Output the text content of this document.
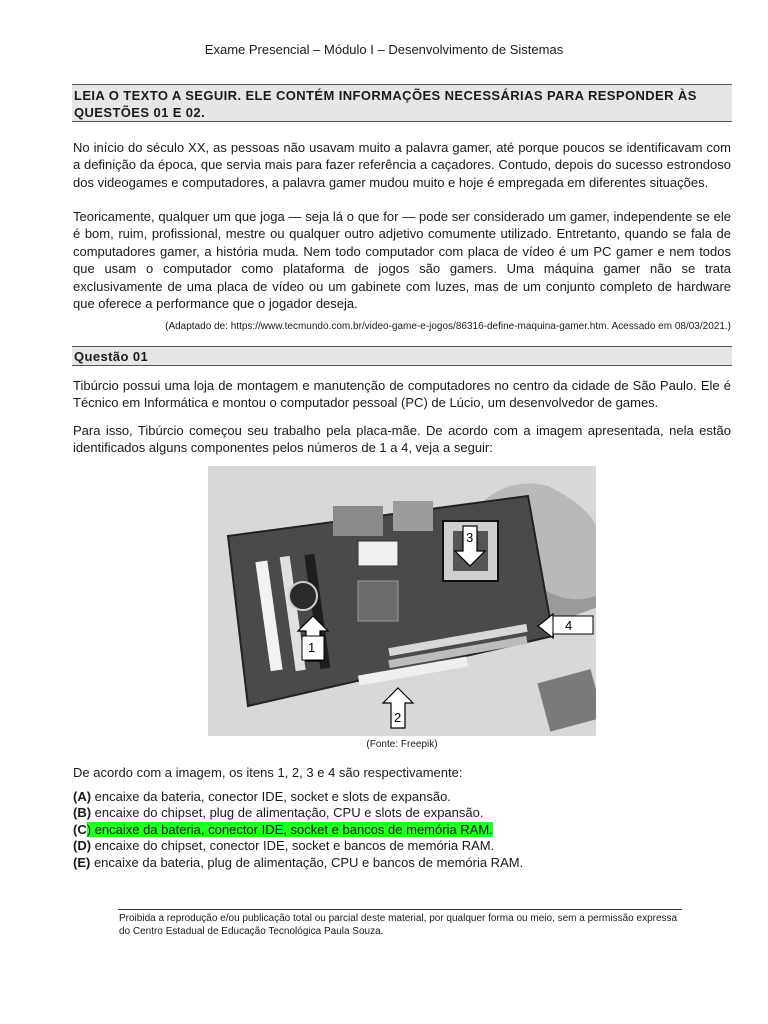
Exame Presencial – Módulo I – Desenvolvimento de Sistemas
LEIA O TEXTO A SEGUIR. ELE CONTÉM INFORMAÇÕES NECESSÁRIAS PARA RESPONDER ÀS QUESTÕES 01 E 02.

No início do século XX, as pessoas não usavam muito a palavra gamer, até porque poucos se identificavam com a definição da época, que servia mais para fazer referência a caçadores. Contudo, depois do sucesso estrondoso dos videogames e computadores, a palavra gamer mudou muito e hoje é empregada em diferentes situações.

Teoricamente, qualquer um que joga — seja lá o que for — pode ser considerado um gamer, independente se ele é bom, ruim, profissional, mestre ou qualquer outro adjetivo comumente utilizado. Entretanto, quando se fala de computadores gamer, a história muda. Nem todo computador com placa de vídeo é um PC gamer e nem todos que usam o computador como plataforma de jogos são gamers. Uma máquina gamer não se trata exclusivamente de uma placa de vídeo ou um gabinete com luzes, mas de um conjunto completo de hardware que oferece a performance que o jogador deseja.

(Adaptado de: https://www.tecmundo.com.br/video-game-e-jogos/86316-define-maquina-gamer.htm. Acessado em 08/03/2021.)
Questão 01

Tibúrcio possui uma loja de montagem e manutenção de computadores no centro da cidade de São Paulo. Ele é Técnico em Informática e montou o computador pessoal (PC) de Lúcio, um desenvolvedor de games.

Para isso, Tibúrcio começou seu trabalho pela placa-mãe. De acordo com a imagem apresentada, nela estão identificados alguns componentes pelos números de 1 a 4, veja a seguir:

1
2
3
4
(Fonte: Freepik)
De acordo com a imagem, os itens 1, 2, 3 e 4 são respectivamente:
(A) encaixe da bateria, conector IDE, socket e slots de expansão.
(B) encaixe do chipset, plug de alimentação, CPU e slots de expansão.
(C) encaixe da bateria, conector IDE, socket e bancos de memória RAM.
(D) encaixe do chipset, conector IDE, socket e bancos de memória RAM.
(E) encaixe da bateria, plug de alimentação, CPU e bancos de memória RAM.
Proibida a reprodução e/ou publicação total ou parcial deste material, por qualquer forma ou meio, sem a permissão expressa do Centro Estadual de Educação Tecnológica Paula Souza.
